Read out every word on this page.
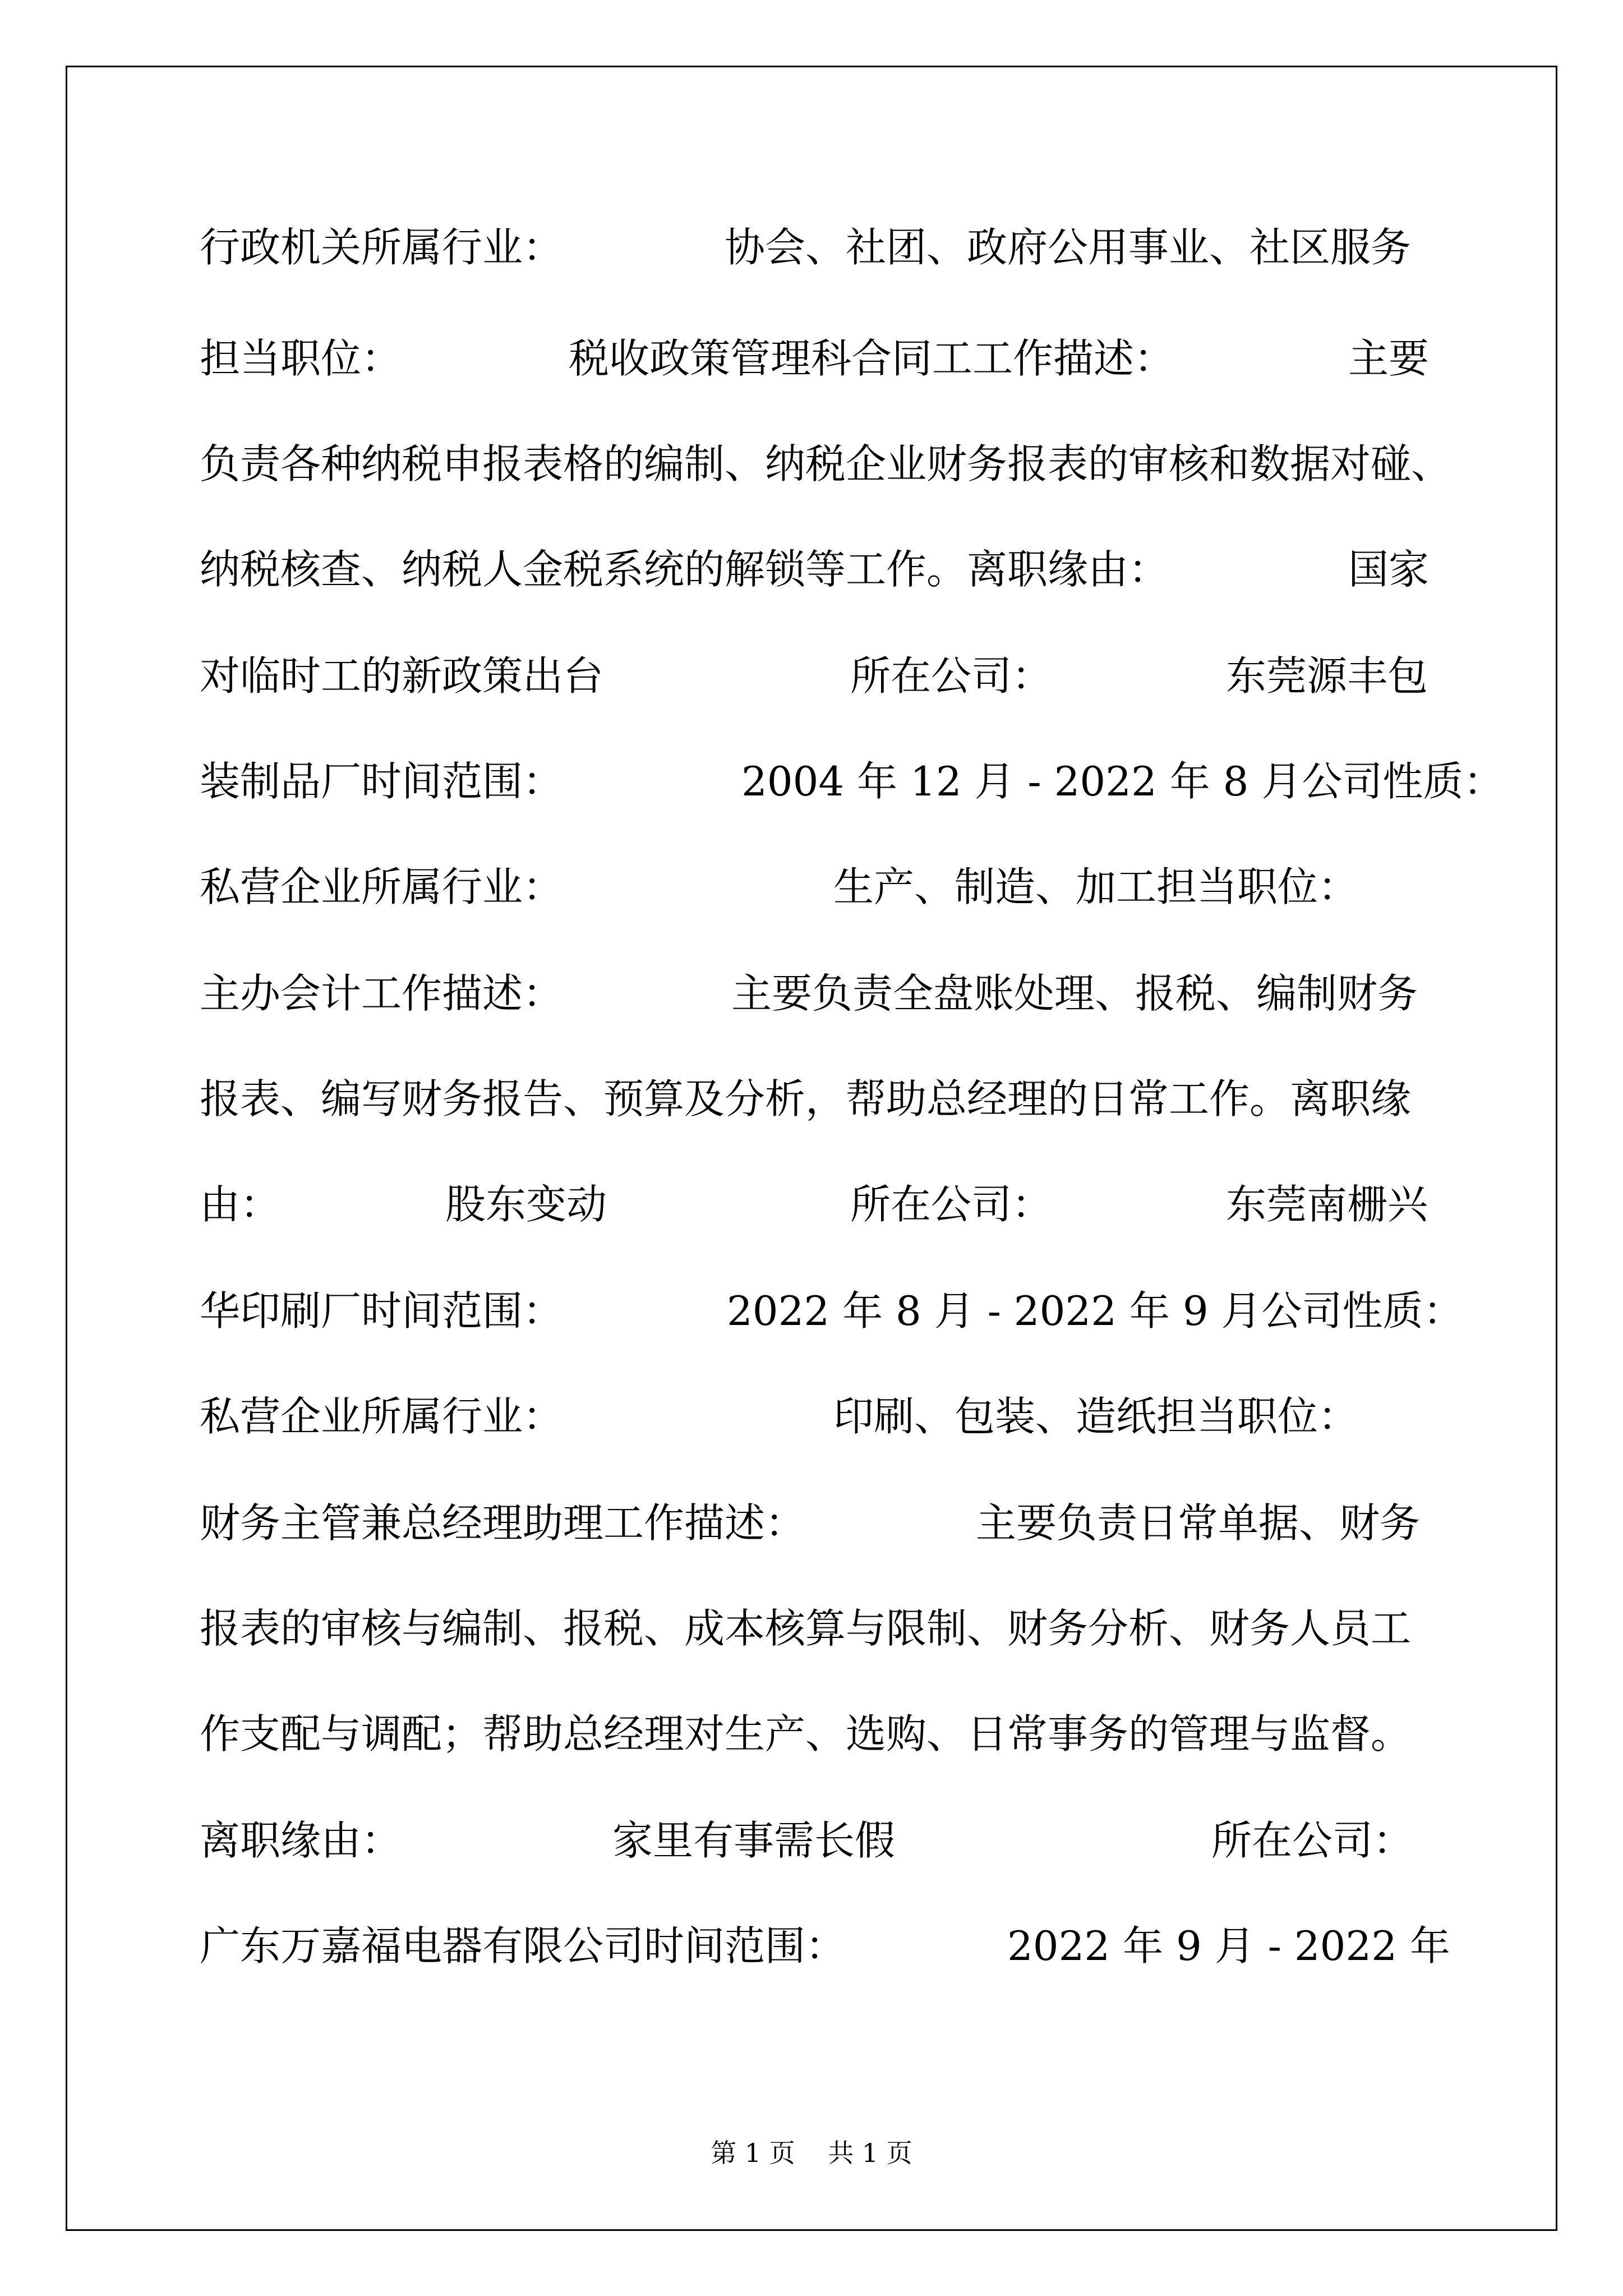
行政机关所属行业：	协会、社团、政府公用事业、社区服务
担当职位：	税收政策管理科合同工工作描述：	主要
负责各种纳税申报表格的编制、纳税企业财务报表的审核和数据对碰、
纳税核查、纳税人金税系统的解锁等工作。离职缘由：	国家
对临时工的新政策出台	所在公司：	东莞源丰包
装制品厂时间范围：	2004 年 12 月 - 2022 年 8 月公司性质：
私营企业所属行业：	生产、制造、加工担当职位：
主办会计工作描述：	主要负责全盘账处理、报税、编制财务
报表、编写财务报告、预算及分析，帮助总经理的日常工作。离职缘
由：	股东变动	所在公司：	东莞南栅兴
华印刷厂时间范围：	2022 年 8 月 - 2022 年 9 月公司性质：
私营企业所属行业：	印刷、包装、造纸担当职位：
财务主管兼总经理助理工作描述：	主要负责日常单据、财务
报表的审核与编制、报税、成本核算与限制、财务分析、财务人员工
作支配与调配；帮助总经理对生产、选购、日常事务的管理与监督。
离职缘由：	家里有事需长假	所在公司：
广东万嘉福电器有限公司时间范围：	2022 年 9 月 - 2022 年
第 1 页    共 1 页
